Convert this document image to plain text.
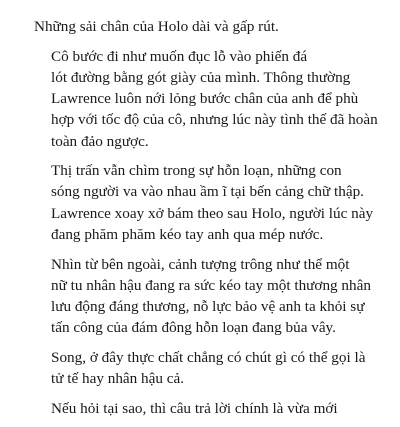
Những sải chân của Holo dài và gấp rút.

Cô bước đi như muốn đục lỗ vào phiến đá
lót đường bằng gót giày của mình. Thông thường
Lawrence luôn nới lỏng bước chân của anh để phù
hợp với tốc độ của cô, nhưng lúc này tình thế đã hoàn
toàn đảo ngược.

Thị trấn vẫn chìm trong sự hỗn loạn, những con
sóng người va vào nhau ầm ĩ tại bến cảng chữ thập.
Lawrence xoay xở bám theo sau Holo, người lúc này
đang phăm phăm kéo tay anh qua mép nước.

Nhìn từ bên ngoài, cảnh tượng trông như thể một
nữ tu nhân hậu đang ra sức kéo tay một thương nhân
lưu động đáng thương, nỗ lực bảo vệ anh ta khỏi sự
tấn công của đám đông hỗn loạn đang bủa vây.

Song, ở đây thực chất chẳng có chút gì có thể gọi là
tử tế hay nhân hậu cả.

Nếu hỏi tại sao, thì câu trả lời chính là vừa mới
